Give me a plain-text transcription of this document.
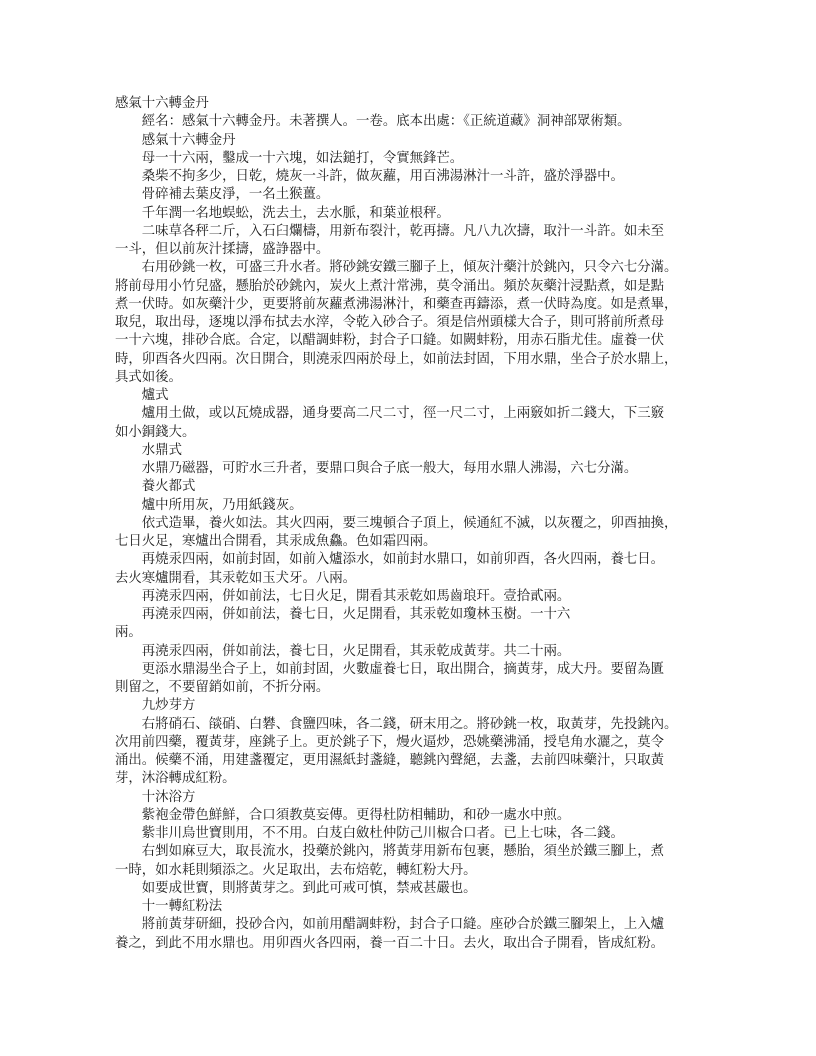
感氣十六轉金丹
經名：感氣十六轉金丹。未著撰人。一卷。底本出處：《正統道藏》洞神部眾術類。
感氣十六轉金丹
母一十六兩，鑿成一十六塊，如法鎚打，令實無鋒芒。
桑柴不拘多少，日乾，燒灰一斗許，做灰蘿，用百沸湯淋汁一斗許，盛於淨器中。
骨碎補去葉皮淨，一名土猴薑。
千年潤一名地蜈蚣，洗去土，去水脈，和葉並根秤。
二味草各秤二斤，入石臼爛檮，用新布裂汁，乾再擣。凡八九次擣，取汁一斗許。如未至
一斗，但以前灰汁揉擣，盛諍器中。
右用砂銚一枚，可盛三升水者。將砂銚安鐵三腳子上，傾灰汁藥汁於銚內，只令六七分滿。
將前母用小竹兒盛，懸胎於砂銚內，炭火上煮汁常沸，莫令涌出。頻於灰藥汁浸點煮，如是點
煮一伏時。如灰藥汁少，更要將前灰蘿煮沸湯淋汁，和藥查再鑄添，煮一伏時為度。如是煮畢，
取兒，取出母，逐塊以淨布拭去水滓，令乾入砂合子。須是信州頭樣大合子，則可將前所煮母
一十六塊，排砂合底。合定，以醋調蚌粉，封合子口縫。如闕蚌粉，用赤石脂尤佳。虛養一伏
時，卯酉各火四兩。次日開合，則澆汞四兩於母上，如前法封固，下用水鼎，坐合子於水鼎上，
具式如後。
爐式
爐用土做，或以瓦燒成器，通身要高二尺二寸，徑一尺二寸，上兩竅如折二錢大，下三竅
如小銅錢大。
水鼎式
水鼎乃磁器，可貯水三升者，要鼎口與合子底一般大，每用水鼎人沸湯，六七分滿。
養火都式
爐中所用灰，乃用紙錢灰。
依式造畢，養火如法。其火四兩，要三塊頓合子頂上，候通紅不滅，以灰覆之，卯酉抽換，
七日火足，寒爐出合開看，其汞成魚鱻。色如霜四兩。
再燒汞四兩，如前封固，如前入爐添水，如前封水鼎口，如前卯酉，各火四兩，養七日。
去火寒爐開看，其汞乾如玉犬牙。八兩。
再澆汞四兩，併如前法，七日火足，開看其汞乾如馬齒琅玕。壹拾貳兩。
再澆汞四兩，併如前法，養七日，火足開看，其汞乾如瓊林玉樹。一十六
兩。
再澆汞四兩，併如前法，養七日，火足開看，其汞乾成黃芽。共二十兩。
更添水鼎湯坐合子上，如前封固，火數虛養七日，取出開合，摘黃芽，成大丹。要留為匱
則留之，不要留銷如前，不折分兩。
九炒芽方
右將硝石、燄硝、白礬、食鹽四味，各二錢，研末用之。將砂銚一枚，取黃芽，先投銚內。
次用前四藥，覆黃芽，座銚子上。更於銚子下，熳火逼炒，恐姚藥沸涌，授皂角水灑之，莫令
涌出。候藥不涌，用建盞覆定，更用濕紙封盞縫，聽銚內聲絕，去盞，去前四味藥汁，只取黃
芽，沐浴轉成紅粉。
十沐浴方
紫袍金帶色鮮鮮，合口須教莫妄傳。更得杜防相輔助，和砂一處水中煎。
紫非川烏世寶則用，不不用。白芨白斂杜仲防己川椒合口者。已上七味，各二錢。
右剉如麻豆大，取長流水，投藥於銚內，將黃芽用新布包裹，懸胎，須坐於鐵三腳上，煮
一時，如水耗則頻添之。火足取出，去布焙乾，轉紅粉大丹。
如要成世寶，則將黃芽之。到此可戒可慎，禁戒甚嚴也。
十一轉紅粉法
將前黃芽研細，投砂合內，如前用醋調蚌粉，封合子口縫。座砂合於鐵三腳架上，上入爐
養之，到此不用水鼎也。用卯酉火各四兩，養一百二十日。去火，取出合子開看，皆成紅粉。
